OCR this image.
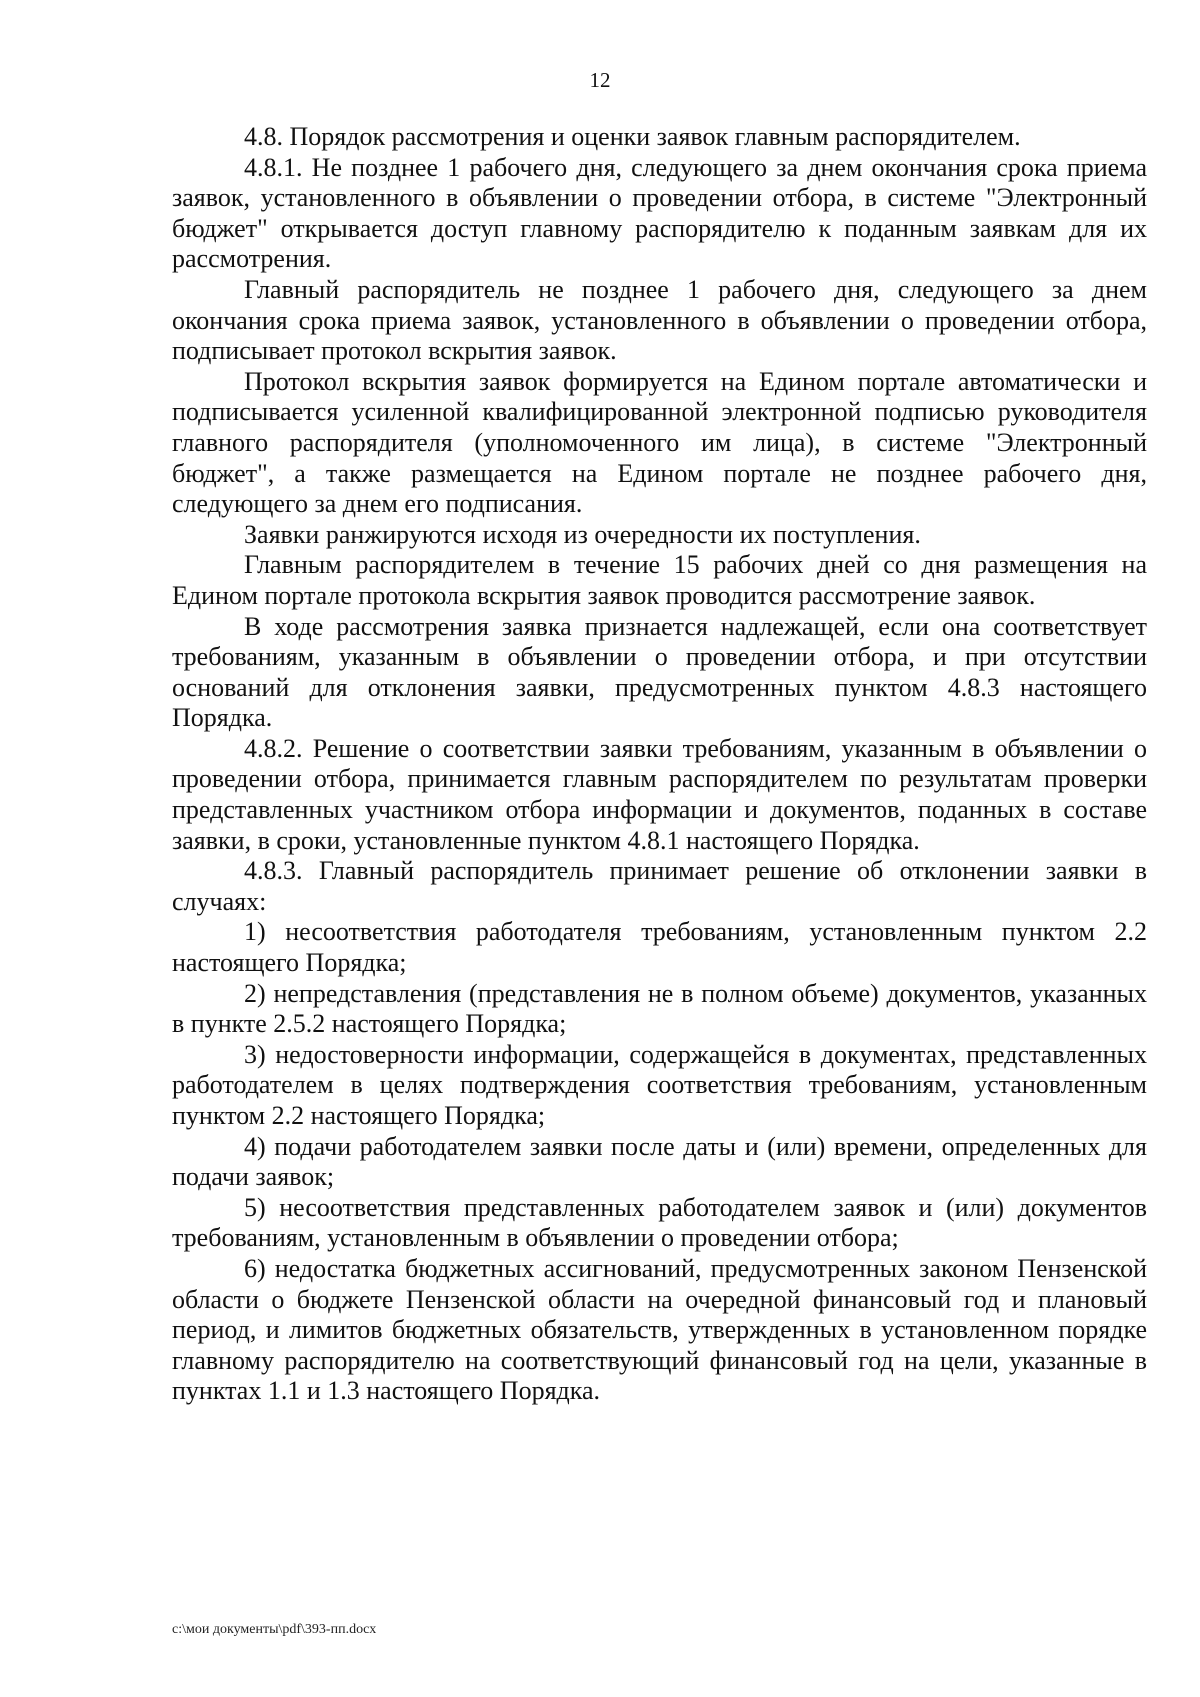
12

4.8. Порядок рассмотрения и оценки заявок главным распорядителем.

4.8.1. Не позднее 1 рабочего дня, следующего за днем окончания срока приема заявок, установленного в объявлении о проведении отбора, в системе "Электронный бюджет" открывается доступ главному распорядителю к поданным заявкам для их рассмотрения.

Главный распорядитель не позднее 1 рабочего дня, следующего за днем окончания срока приема заявок, установленного в объявлении о проведении отбора, подписывает протокол вскрытия заявок.

Протокол вскрытия заявок формируется на Едином портале автоматически и подписывается усиленной квалифицированной электронной подписью руководителя главного распорядителя (уполномоченного им лица), в системе "Электронный бюджет", а также размещается на Едином портале не позднее рабочего дня, следующего за днем его подписания.

Заявки ранжируются исходя из очередности их поступления.

Главным распорядителем в течение 15 рабочих дней со дня размещения на Едином портале протокола вскрытия заявок проводится рассмотрение заявок.

В ходе рассмотрения заявка признается надлежащей, если она соответствует требованиям, указанным в объявлении о проведении отбора, и при отсутствии оснований для отклонения заявки, предусмотренных пунктом 4.8.3 настоящего Порядка.

4.8.2. Решение о соответствии заявки требованиям, указанным в объявлении о проведении отбора, принимается главным распорядителем по результатам проверки представленных участником отбора информации и документов, поданных в составе заявки, в сроки, установленные пунктом 4.8.1 настоящего Порядка.

4.8.3. Главный распорядитель принимает решение об отклонении заявки в случаях:

1) несоответствия работодателя требованиям, установленным пунктом 2.2 настоящего Порядка;

2) непредставления (представления не в полном объеме) документов, указанных в пункте 2.5.2 настоящего Порядка;

3) недостоверности информации, содержащейся в документах, представленных работодателем в целях подтверждения соответствия требованиям, установленным пунктом 2.2 настоящего Порядка;

4) подачи работодателем заявки после даты и (или) времени, определенных для подачи заявок;

5) несоответствия представленных работодателем заявок и (или) документов требованиям, установленным в объявлении о проведении отбора;

6) недостатка бюджетных ассигнований, предусмотренных законом Пензенской области о бюджете Пензенской области на очередной финансовый год и плановый период, и лимитов бюджетных обязательств, утвержденных в установленном порядке главному распорядителю на соответствующий финансовый год на цели, указанные в пунктах 1.1 и 1.3 настоящего Порядка.

c:\мои документы\pdf\393-пп.docx
